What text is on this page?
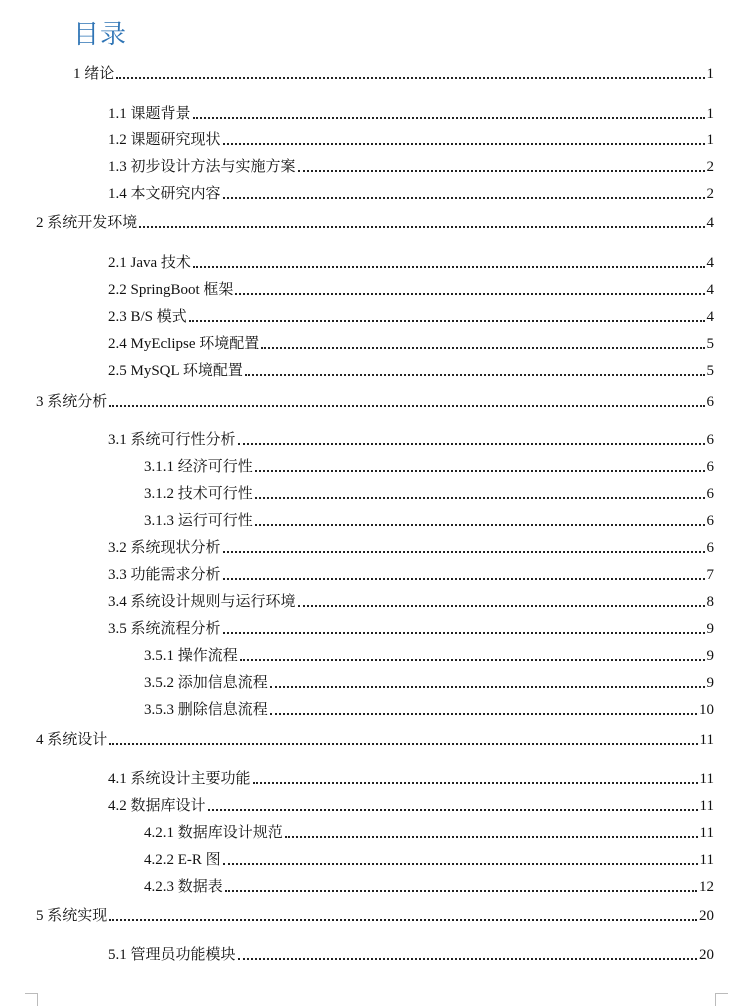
目录
1 绪论	1
1.1 课题背景	1
1.2 课题研究现状	1
1.3 初步设计方法与实施方案	2
1.4 本文研究内容	2
2 系统开发环境	4
2.1 Java 技术	4
2.2 SpringBoot 框架	4
2.3 B/S 模式	4
2.4 MyEclipse 环境配置	5
2.5 MySQL 环境配置	5
3 系统分析	6
3.1 系统可行性分析	6
3.1.1 经济可行性	6
3.1.2 技术可行性	6
3.1.3 运行可行性	6
3.2 系统现状分析	6
3.3 功能需求分析	7
3.4 系统设计规则与运行环境	8
3.5 系统流程分析	9
3.5.1 操作流程	9
3.5.2 添加信息流程	9
3.5.3 删除信息流程	10
4 系统设计	11
4.1 系统设计主要功能	11
4.2 数据库设计	11
4.2.1 数据库设计规范	11
4.2.2 E-R 图	11
4.2.3 数据表	12
5 系统实现	20
5.1 管理员功能模块	20
